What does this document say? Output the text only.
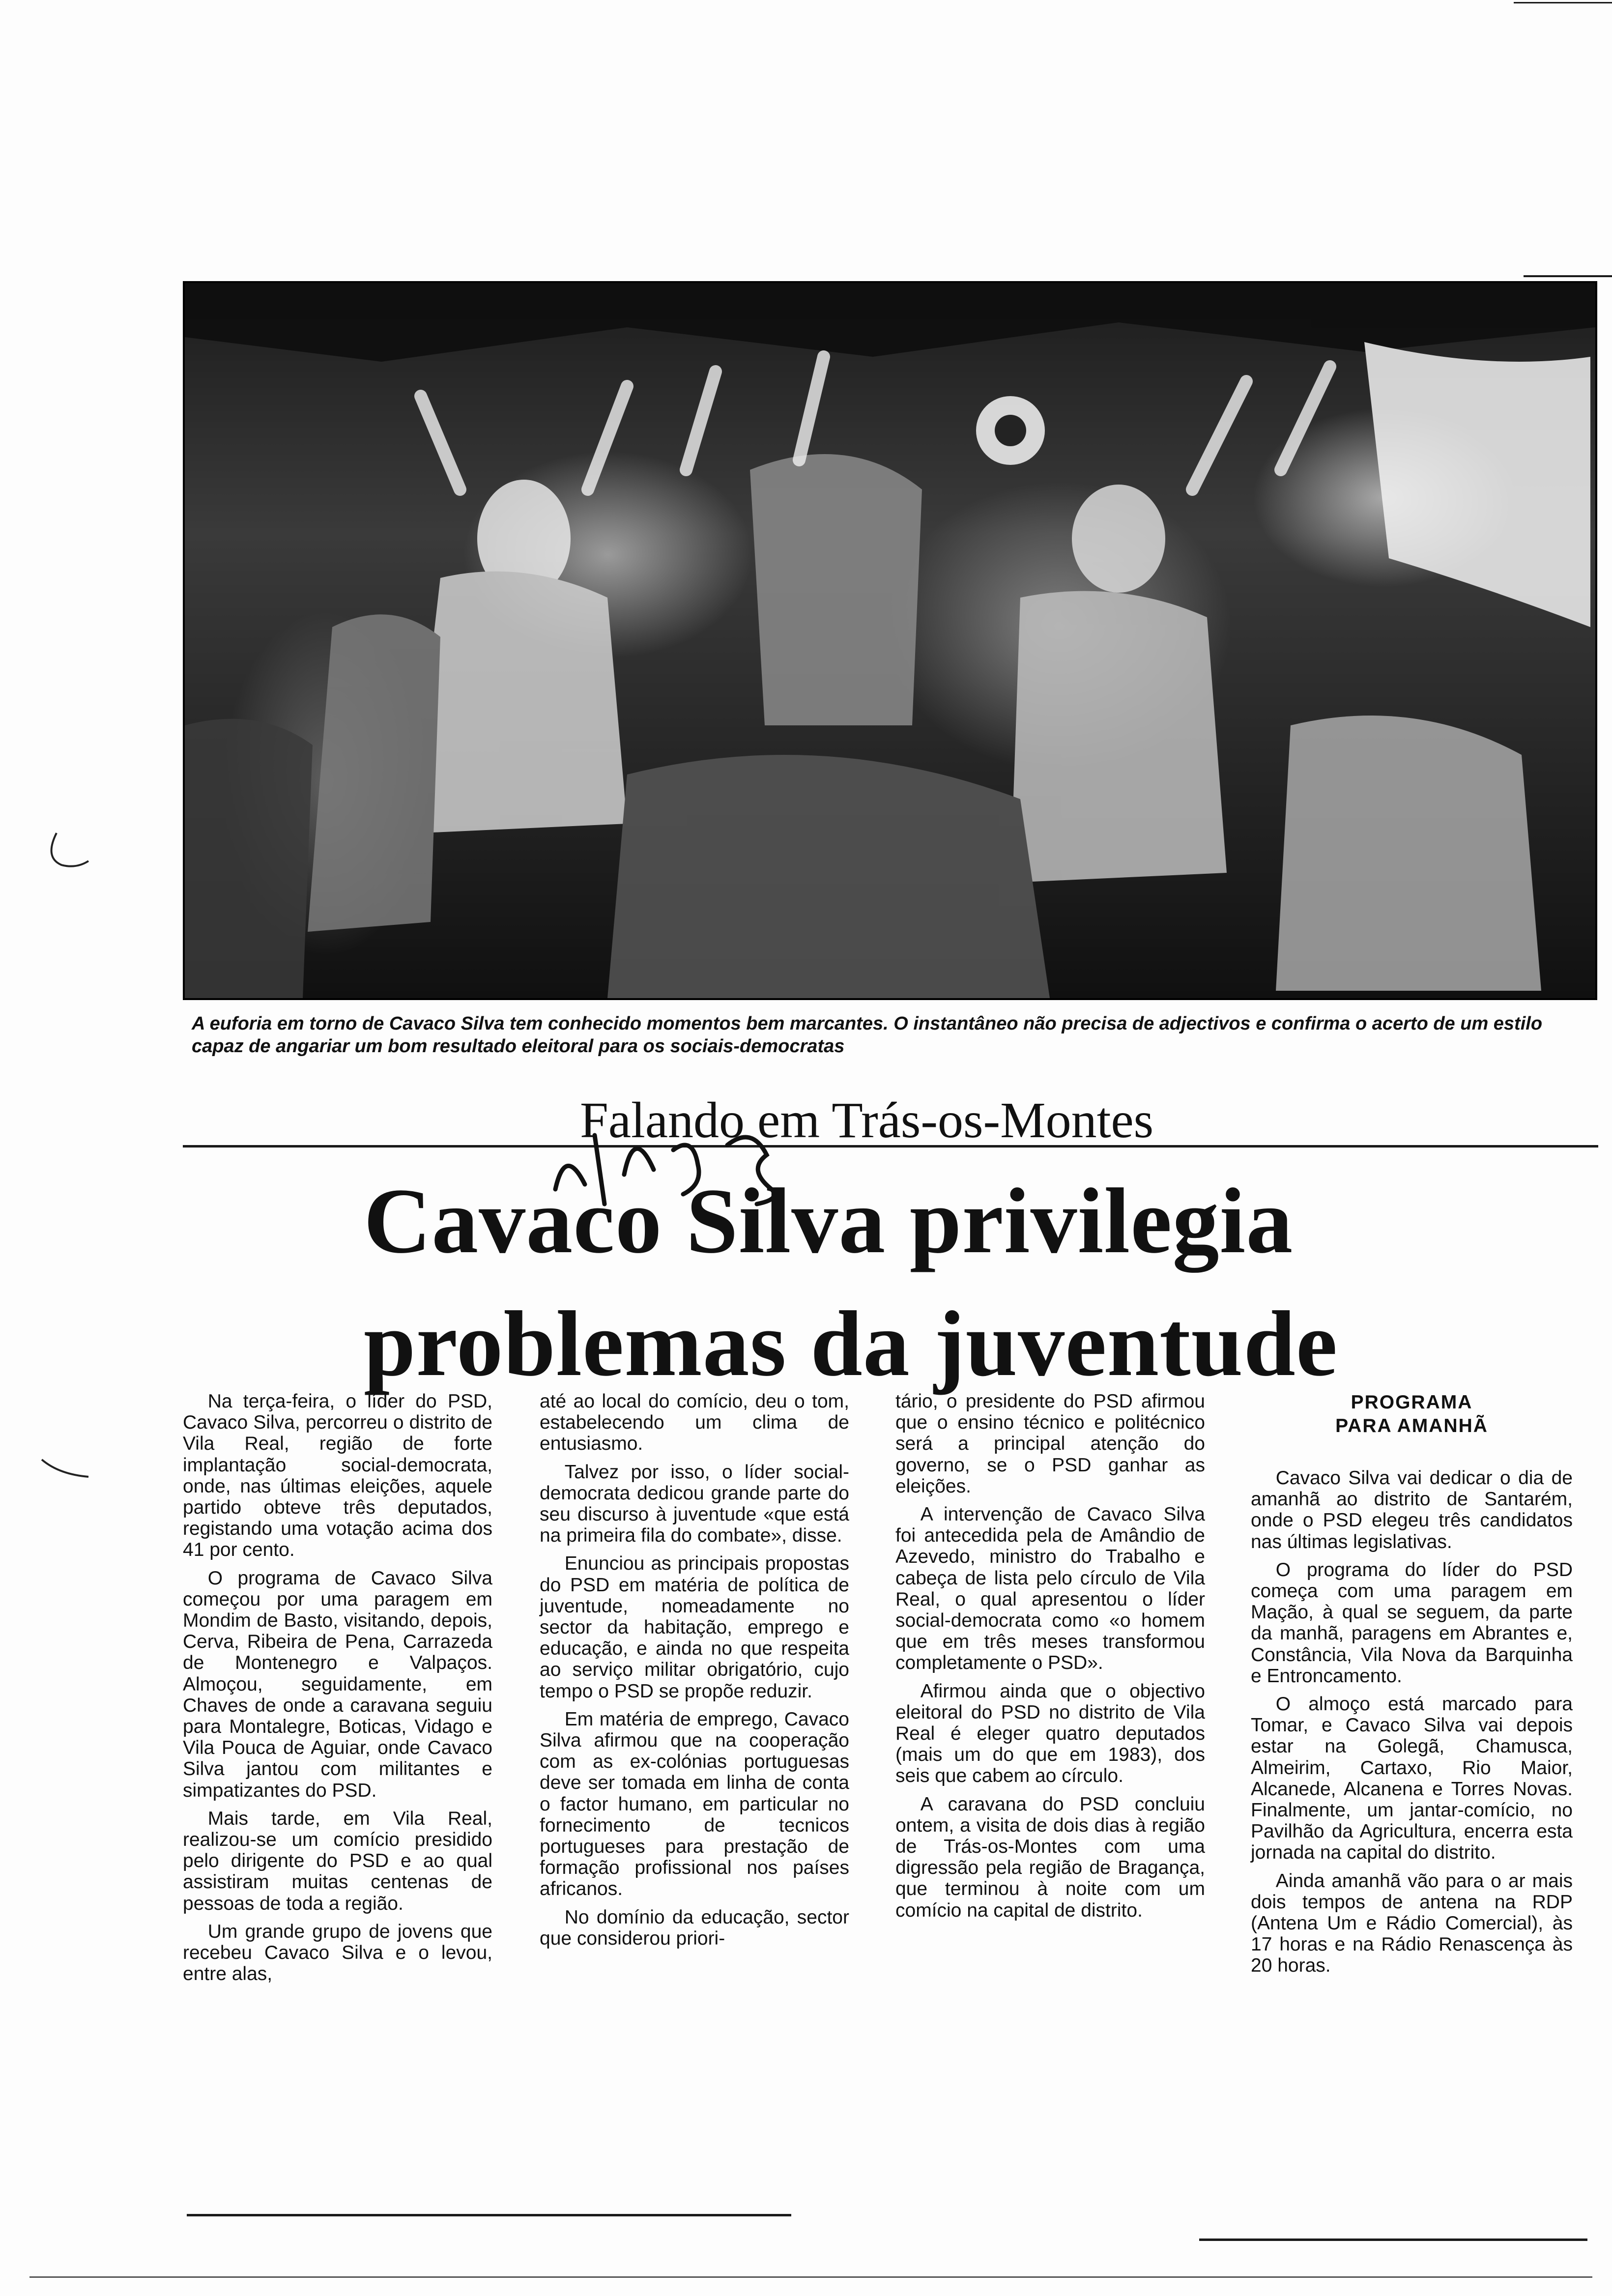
A euforia em torno de Cavaco Silva tem conhecido momentos bem marcantes. O instantâneo não precisa de adjectivos e confirma o acerto de um estilo capaz de angariar um bom resultado eleitoral para os sociais-democratas

Falando em Trás-os-Montes
Cavaco Silva privilegia
problemas da juventude

Na terça-feira, o líder do PSD, Cavaco Silva, percorreu o distrito de Vila Real, região de forte implantação social-democrata, onde, nas últimas eleições, aquele partido obteve três deputados, registando uma votação acima dos 41 por cento.

O programa de Cavaco Silva começou por uma paragem em Mondim de Basto, visitando, depois, Cerva, Ribeira de Pena, Carrazeda de Montenegro e Valpaços. Almoçou, seguidamente, em Chaves de onde a caravana seguiu para Montalegre, Boticas, Vidago e Vila Pouca de Aguiar, onde Cavaco Silva jantou com militantes e simpatizantes do PSD.

Mais tarde, em Vila Real, realizou-se um comício presidido pelo dirigente do PSD e ao qual assistiram muitas centenas de pessoas de toda a região.

Um grande grupo de jovens que recebeu Cavaco Silva e o levou, entre alas,

até ao local do comício, deu o tom, estabelecendo um clima de entusiasmo.

Talvez por isso, o líder social-democrata dedicou grande parte do seu discurso à juventude «que está na primeira fila do combate», disse.

Enunciou as principais propostas do PSD em matéria de política de juventude, nomeadamente no sector da habitação, emprego e educação, e ainda no que respeita ao serviço militar obrigatório, cujo tempo o PSD se propõe reduzir.

Em matéria de emprego, Cavaco Silva afirmou que na cooperação com as ex-colónias portuguesas deve ser tomada em linha de conta o factor humano, em particular no fornecimento de tecnicos portugueses para prestação de formação profissional nos países africanos.

No domínio da educação, sector que considerou priori-

tário, o presidente do PSD afirmou que o ensino técnico e politécnico será a principal atenção do governo, se o PSD ganhar as eleições.

A intervenção de Cavaco Silva foi antecedida pela de Amândio de Azevedo, ministro do Trabalho e cabeça de lista pelo círculo de Vila Real, o qual apresentou o líder social-democrata como «o homem que em três meses transformou completamente o PSD».

Afirmou ainda que o objectivo eleitoral do PSD no distrito de Vila Real é eleger quatro deputados (mais um do que em 1983), dos seis que cabem ao círculo.

A caravana do PSD concluiu ontem, a visita de dois dias à região de Trás-os-Montes com uma digressão pela região de Bragança, que terminou à noite com um comício na capital de distrito.

PROGRAMA
PARA AMANHÃ

Cavaco Silva vai dedicar o dia de amanhã ao distrito de Santarém, onde o PSD elegeu três candidatos nas últimas legislativas.

O programa do líder do PSD começa com uma paragem em Mação, à qual se seguem, da parte da manhã, paragens em Abrantes e, Constância, Vila Nova da Barquinha e Entroncamento.

O almoço está marcado para Tomar, e Cavaco Silva vai depois estar na Golegã, Chamusca, Almeirim, Cartaxo, Rio Maior, Alcanede, Alcanena e Torres Novas. Finalmente, um jantar-comício, no Pavilhão da Agricultura, encerra esta jornada na capital do distrito.

Ainda amanhã vão para o ar mais dois tempos de antena na RDP (Antena Um e Rádio Comercial), às 17 horas e na Rádio Renascença às 20 horas.
